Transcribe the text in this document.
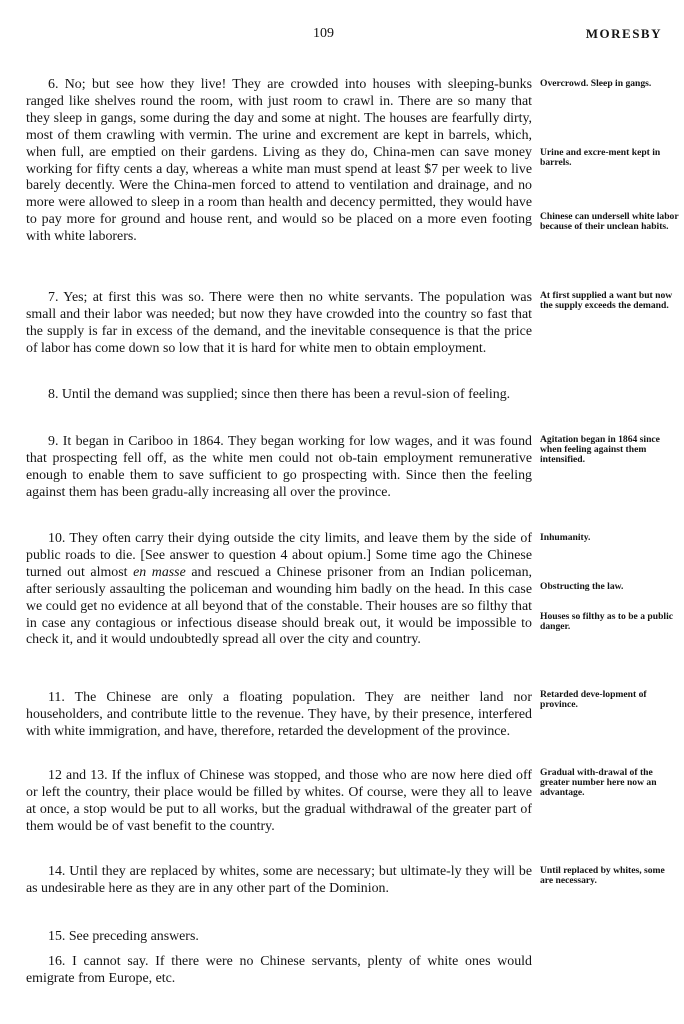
109	MORESBY

6. No; but see how they live! They are crowded into houses with sleeping-bunks ranged like shelves round the room, with just room to crawl in. There are so many that they sleep in gangs, some during the day and some at night. The houses are fearfully dirty, most of them crawling with vermin. The urine and excrement are kept in barrels, which, when full, are emptied on their gardens. Living as they do, China-men can save money working for fifty cents a day, whereas a white man must spend at least $7 per week to live barely decently. Were the China-men forced to attend to ventilation and drainage, and no more were allowed to sleep in a room than health and decency permitted, they would have to pay more for ground and house rent, and would so be placed on a more even footing with white laborers.

7. Yes; at first this was so. There were then no white servants. The population was small and their labor was needed; but now they have crowded into the country so fast that the supply is far in excess of the demand, and the inevitable consequence is that the price of labor has come down so low that it is hard for white men to obtain employment.

8. Until the demand was supplied; since then there has been a revul-sion of feeling.

9. It began in Cariboo in 1864. They began working for low wages, and it was found that prospecting fell off, as the white men could not ob-tain employment remunerative enough to enable them to save sufficient to go prospecting with. Since then the feeling against them has been gradu-ally increasing all over the province.

10. They often carry their dying outside the city limits, and leave them by the side of public roads to die. [See answer to question 4 about opium.] Some time ago the Chinese turned out almost en masse and rescued a Chinese prisoner from an Indian policeman, after seriously assaulting the policeman and wounding him badly on the head. In this case we could get no evidence at all beyond that of the constable. Their houses are so filthy that in case any contagious or infectious disease should break out, it would be impossible to check it, and it would undoubtedly spread all over the city and country.

11. The Chinese are only a floating population. They are neither land nor householders, and contribute little to the revenue. They have, by their presence, interfered with white immigration, and have, therefore, retarded the development of the province.

12 and 13. If the influx of Chinese was stopped, and those who are now here died off or left the country, their place would be filled by whites. Of course, were they all to leave at once, a stop would be put to all works, but the gradual withdrawal of the greater part of them would be of vast benefit to the country.

14. Until they are replaced by whites, some are necessary; but ultimate-ly they will be as undesirable here as they are in any other part of the Dominion.

15. See preceding answers.

16. I cannot say. If there were no Chinese servants, plenty of white ones would emigrate from Europe, etc.

Overcrowd. Sleep in gangs.

Urine and excre-ment kept in barrels.

Chinese can undersell white labor because of their unclean habits.

At first supplied a want but now the supply exceeds the demand.

Agitation began in 1864 since when feeling against them intensified.

Inhumanity.

Obstructing the law.

Houses so filthy as to be a public danger.

Retarded deve-lopment of province.

Gradual with-drawal of the greater number here now an advantage.

Until replaced by whites, some are necessary.
